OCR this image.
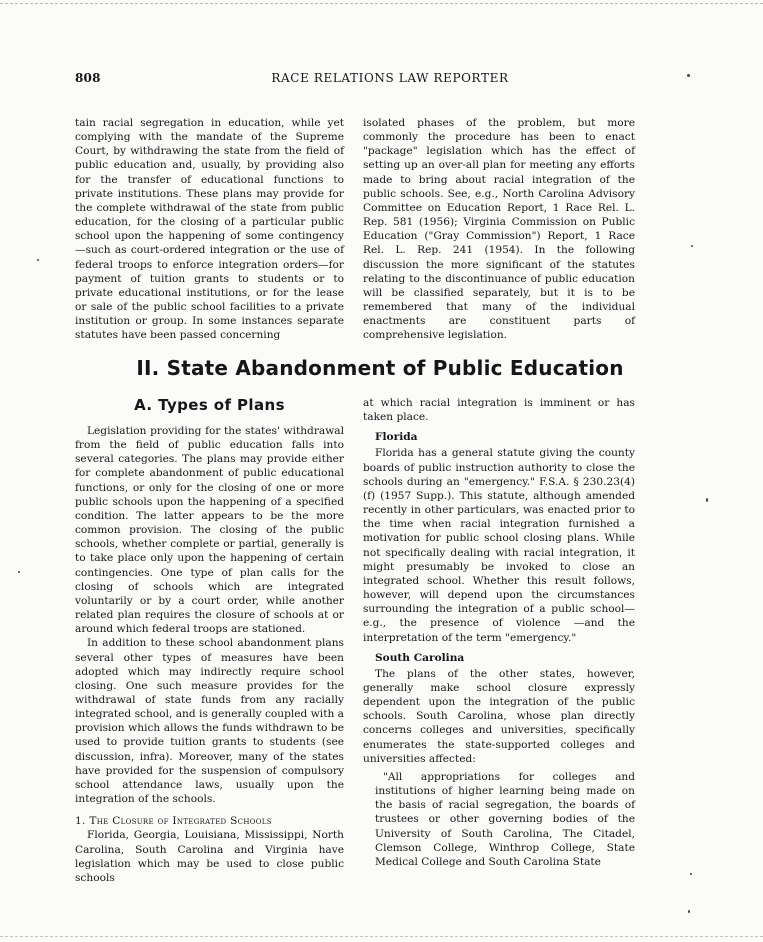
808	RACE RELATIONS LAW REPORTER

tain racial segregation in education, while yet complying with the mandate of the Supreme Court, by withdrawing the state from the field of public education and, usually, by providing also for the transfer of educational functions to private institutions. These plans may provide for the complete withdrawal of the state from public education, for the closing of a particular public school upon the happening of some contingency—such as court-ordered integration or the use of federal troops to enforce integration orders—for payment of tuition grants to students or to private educational institutions, or for the lease or sale of the public school facilities to a private institution or group. In some instances separate statutes have been passed concerning

isolated phases of the problem, but more commonly the procedure has been to enact "package" legislation which has the effect of setting up an over-all plan for meeting any efforts made to bring about racial integration of the public schools. See, e.g., North Carolina Advisory Committee on Education Report, 1 Race Rel. L. Rep. 581 (1956); Virginia Commission on Public Education ("Gray Commission") Report, 1 Race Rel. L. Rep. 241 (1954). In the following discussion the more significant of the statutes relating to the discontinuance of public education will be classified separately, but it is to be remembered that many of the individual enactments are constituent parts of comprehensive legislation.

II. State Abandonment of Public Education
A. Types of Plans

Legislation providing for the states' withdrawal from the field of public education falls into several categories. The plans may provide either for complete abandonment of public educational functions, or only for the closing of one or more public schools upon the happening of a specified condition. The latter appears to be the more common provision. The closing of the public schools, whether complete or partial, generally is to take place only upon the happening of certain contingencies. One type of plan calls for the closing of schools which are integrated voluntarily or by a court order, while another related plan requires the closure of schools at or around which federal troops are stationed.

In addition to these school abandonment plans several other types of measures have been adopted which may indirectly require school closing. One such measure provides for the withdrawal of state funds from any racially integrated school, and is generally coupled with a provision which allows the funds withdrawn to be used to provide tuition grants to students (see discussion, infra). Moreover, many of the states have provided for the suspension of compulsory school attendance laws, usually upon the integration of the schools.

1. The Closure of Integrated Schools

Florida, Georgia, Louisiana, Mississippi, North Carolina, South Carolina and Virginia have legislation which may be used to close public schools

at which racial integration is imminent or has taken place.

Florida

Florida has a general statute giving the county boards of public instruction authority to close the schools during an "emergency." F.S.A. § 230.23(4)(f) (1957 Supp.). This statute, although amended recently in other particulars, was enacted prior to the time when racial integration furnished a motivation for public school closing plans. While not specifically dealing with racial integration, it might presumably be invoked to close an integrated school. Whether this result follows, however, will depend upon the circumstances surrounding the integration of a public school—e.g., the presence of violence —and the interpretation of the term "emergency."

South Carolina

The plans of the other states, however, generally make school closure expressly dependent upon the integration of the public schools. South Carolina, whose plan directly concerns colleges and universities, specifically enumerates the state-supported colleges and universities affected:

"All appropriations for colleges and institutions of higher learning being made on the basis of racial segregation, the boards of trustees or other governing bodies of the University of South Carolina, The Citadel, Clemson College, Winthrop College, State Medical College and South Carolina State
